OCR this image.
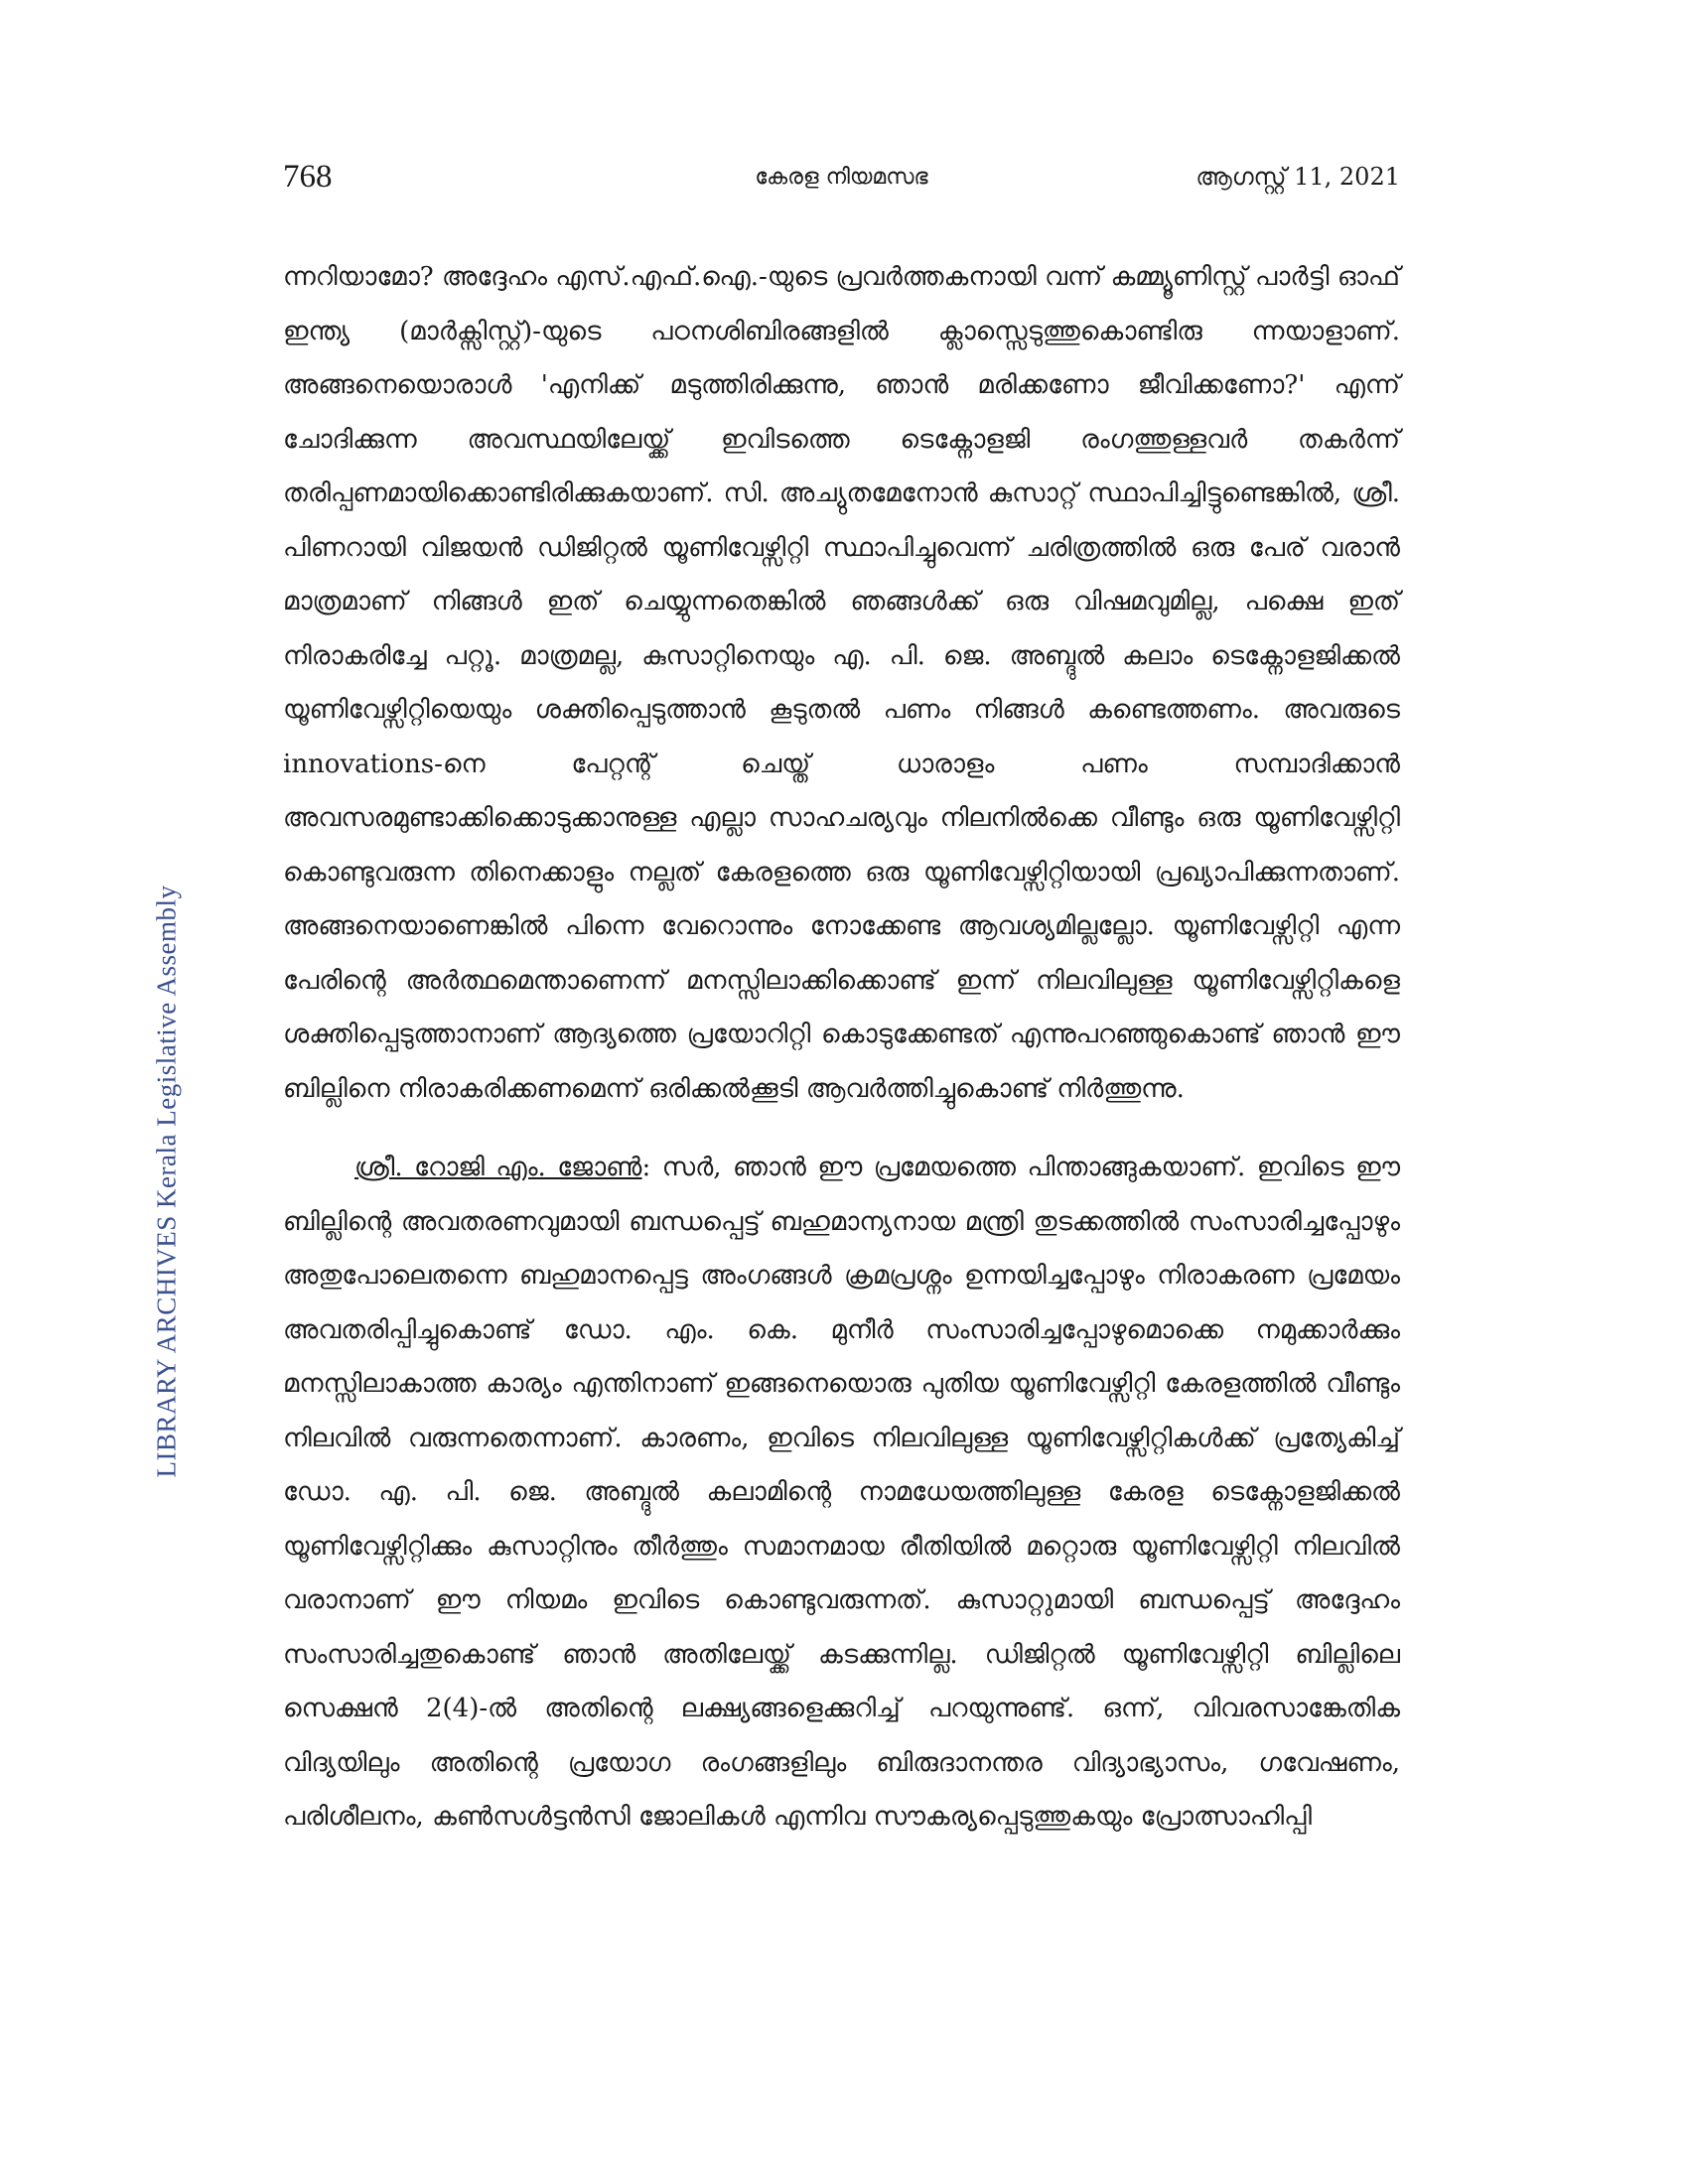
LIBRARY ARCHIVES Kerala Legislative Assembly
768	കേരള നിയമസഭ	ആഗസ്റ്റ് 11, 2021

ന്നറിയാമോ? അദ്ദേഹം എസ്.എഫ്.ഐ.-യുടെ പ്രവർത്തകനായി വന്ന് കമ്മ്യൂണിസ്റ്റ് പാർട്ടി ഓഫ് ഇന്ത്യ (മാർക്സിസ്റ്റ്)-യുടെ പഠനശിബിരങ്ങളിൽ ക്ലാസ്സെടുത്തുകൊണ്ടിരു ന്നയാളാണ്. അങ്ങനെയൊരാൾ 'എനിക്ക് മടുത്തിരിക്കുന്നു, ഞാൻ മരിക്കണോ ജീവിക്കണോ?' എന്ന് ചോദിക്കുന്ന അവസ്ഥയിലേയ്ക്ക് ഇവിടത്തെ ടെക്നോളജി രംഗത്തുള്ളവർ തകർന്ന് തരിപ്പണമായിക്കൊണ്ടിരിക്കുകയാണ്. സി. അച്യുതമേനോൻ കുസാറ്റ് സ്ഥാപിച്ചിട്ടുണ്ടെങ്കിൽ, ശ്രീ. പിണറായി വിജയൻ ഡിജിറ്റൽ യൂണിവേഴ്സിറ്റി സ്ഥാപിച്ചുവെന്ന് ചരിത്രത്തിൽ ഒരു പേര് വരാൻ മാത്രമാണ് നിങ്ങൾ ഇത് ചെയ്യുന്നതെങ്കിൽ ഞങ്ങൾക്ക് ഒരു വിഷമവുമില്ല, പക്ഷെ ഇത് നിരാകരിച്ചേ പറ്റൂ. മാത്രമല്ല, കുസാറ്റിനെയും എ. പി. ജെ. അബ്ദുൽ കലാം ടെക്നോളജിക്കൽ യൂണിവേഴ്സിറ്റിയെയും ശക്തിപ്പെടുത്താൻ കൂടുതൽ പണം നിങ്ങൾ കണ്ടെത്തണം. അവരുടെ innovations-നെ പേറ്റന്റ് ചെയ്ത് ധാരാളം പണം സമ്പാദിക്കാൻ അവസരമുണ്ടാക്കിക്കൊടുക്കാനുള്ള എല്ലാ സാഹചര്യവും നിലനിൽക്കെ വീണ്ടും ഒരു യൂണിവേഴ്സിറ്റി കൊണ്ടുവരുന്ന തിനെക്കാളും നല്ലത് കേരളത്തെ ഒരു യൂണിവേഴ്സിറ്റിയായി പ്രഖ്യാപിക്കുന്നതാണ്. അങ്ങനെയാണെങ്കിൽ പിന്നെ വേറൊന്നും നോക്കേണ്ട ആവശ്യമില്ലല്ലോ. യൂണിവേഴ്സിറ്റി എന്ന പേരിന്റെ അർത്ഥമെന്താണെന്ന് മനസ്സിലാക്കിക്കൊണ്ട് ഇന്ന് നിലവിലുള്ള യൂണിവേഴ്സിറ്റികളെ ശക്തിപ്പെടുത്താനാണ് ആദ്യത്തെ പ്രയോറിറ്റി കൊടുക്കേണ്ടത് എന്നുപറഞ്ഞുകൊണ്ട് ഞാൻ ഈ ബില്ലിനെ നിരാകരിക്കണമെന്ന് ഒരിക്കൽക്കൂടി ആവർത്തിച്ചുകൊണ്ട് നിർത്തുന്നു.

ശ്രീ. റോജി എം. ജോൺ: സർ, ഞാൻ ഈ പ്രമേയത്തെ പിന്താങ്ങുകയാണ്. ഇവിടെ ഈ ബില്ലിന്റെ അവതരണവുമായി ബന്ധപ്പെട്ട് ബഹുമാന്യനായ മന്ത്രി തുടക്കത്തിൽ സംസാരിച്ചപ്പോഴും അതുപോലെതന്നെ ബഹുമാനപ്പെട്ട അംഗങ്ങൾ ക്രമപ്രശ്നം ഉന്നയിച്ചപ്പോഴും നിരാകരണ പ്രമേയം അവതരിപ്പിച്ചുകൊണ്ട് ഡോ. എം. കെ. മുനീർ സംസാരിച്ചപ്പോഴുമൊക്കെ നമുക്കാർക്കും മനസ്സിലാകാത്ത കാര്യം എന്തിനാണ് ഇങ്ങനെയൊരു പുതിയ യൂണിവേഴ്സിറ്റി കേരളത്തിൽ വീണ്ടും നിലവിൽ വരുന്നതെന്നാണ്. കാരണം, ഇവിടെ നിലവിലുള്ള യൂണിവേഴ്സിറ്റികൾക്ക് പ്രത്യേകിച്ച് ഡോ. എ. പി. ജെ. അബ്ദുൽ കലാമിന്റെ നാമധേയത്തിലുള്ള കേരള ടെക്നോളജിക്കൽ യൂണിവേഴ്സിറ്റിക്കും കുസാറ്റിനും തീർത്തും സമാനമായ രീതിയിൽ മറ്റൊരു യൂണിവേഴ്സിറ്റി നിലവിൽ വരാനാണ് ഈ നിയമം ഇവിടെ കൊണ്ടുവരുന്നത്. കുസാറ്റുമായി ബന്ധപ്പെട്ട് അദ്ദേഹം സംസാരിച്ചതുകൊണ്ട് ഞാൻ അതിലേയ്ക്ക് കടക്കുന്നില്ല. ഡിജിറ്റൽ യൂണിവേഴ്സിറ്റി ബില്ലിലെ സെക്ഷൻ 2(4)-ൽ അതിന്റെ ലക്ഷ്യങ്ങളെക്കുറിച്ച് പറയുന്നുണ്ട്. ഒന്ന്, വിവരസാങ്കേതിക വിദ്യയിലും അതിന്റെ പ്രയോഗ രംഗങ്ങളിലും ബിരുദാനന്തര വിദ്യാഭ്യാസം, ഗവേഷണം, പരിശീലനം, കൺസൾട്ടൻസി ജോലികൾ എന്നിവ സൗകര്യപ്പെടുത്തുകയും പ്രോത്സാഹിപ്പി
